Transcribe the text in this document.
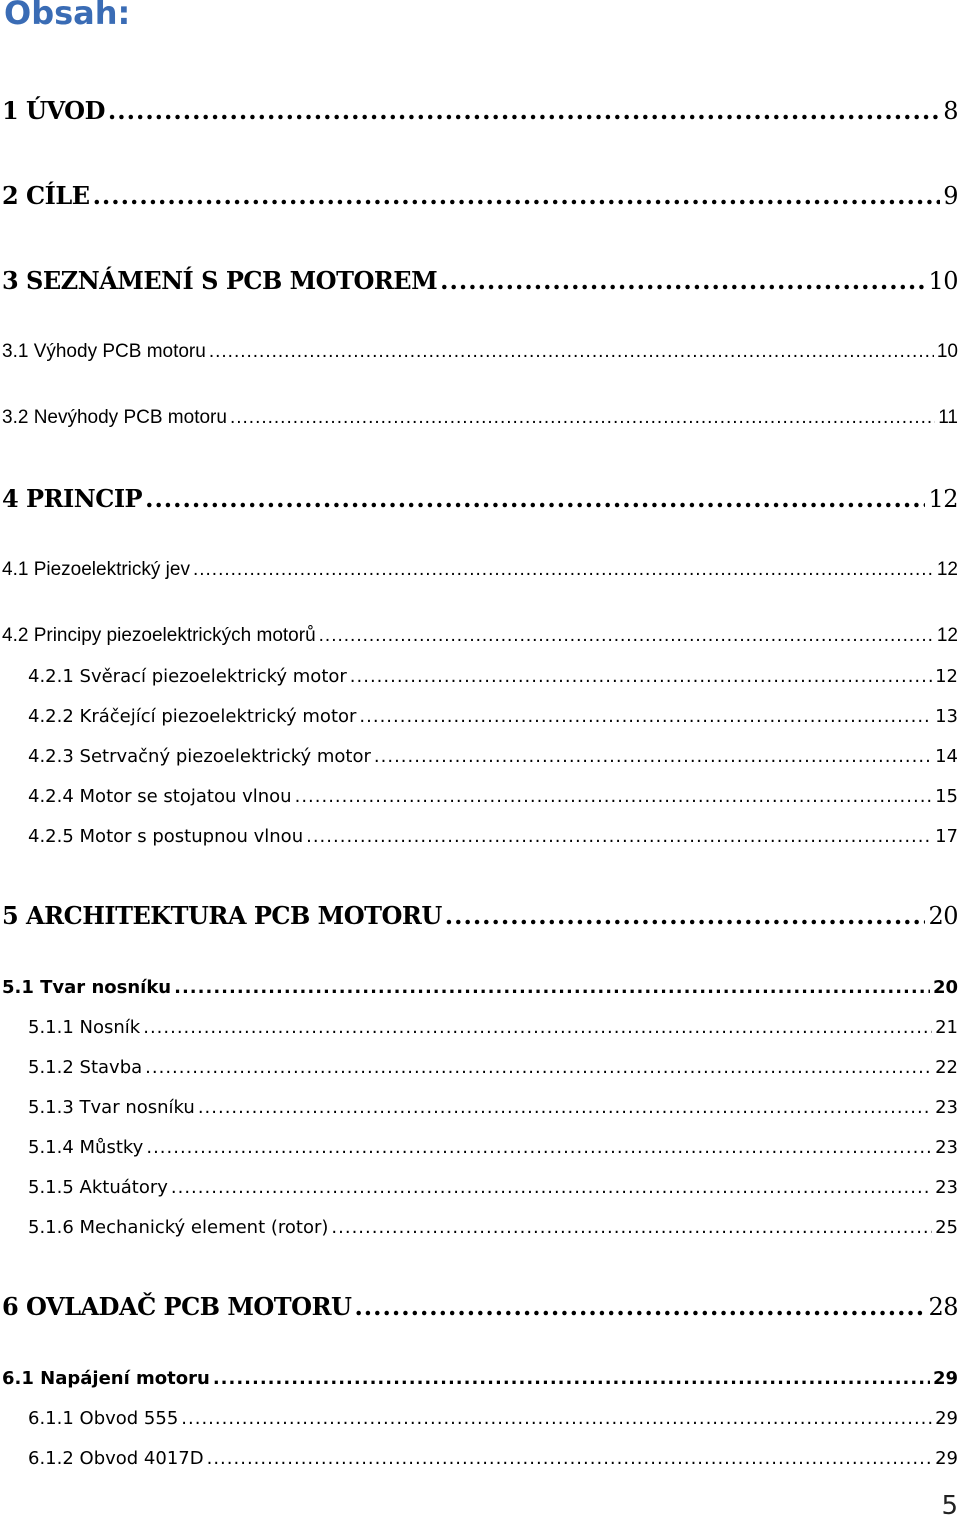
Obsah:
1 ÚVOD .....	8
2 CÍLE .....	9
3 SEZNÁMENÍ S PCB MOTOREM .....	10
3.1 Výhody PCB motoru .....	10
3.2 Nevýhody PCB motoru .....	11
4 PRINCIP .....	12
4.1 Piezoelektrický jev .....	12
4.2 Principy piezoelektrických motorů .....	12
4.2.1 Svěrací piezoelektrický motor .....	12
4.2.2 Kráčející piezoelektrický motor .....	13
4.2.3 Setrvačný piezoelektrický motor .....	14
4.2.4 Motor se stojatou vlnou .....	15
4.2.5 Motor s postupnou vlnou .....	17
5 ARCHITEKTURA PCB MOTORU .....	20
5.1 Tvar nosníku .....	20
5.1.1 Nosník .....	21
5.1.2 Stavba .....	22
5.1.3 Tvar nosníku .....	23
5.1.4 Můstky .....	23
5.1.5 Aktuátory .....	23
5.1.6 Mechanický element (rotor) .....	25
6 OVLADAČ PCB MOTORU .....	28
6.1 Napájení motoru .....	29
6.1.1 Obvod 555 .....	29
6.1.2 Obvod 4017D .....	29
5
